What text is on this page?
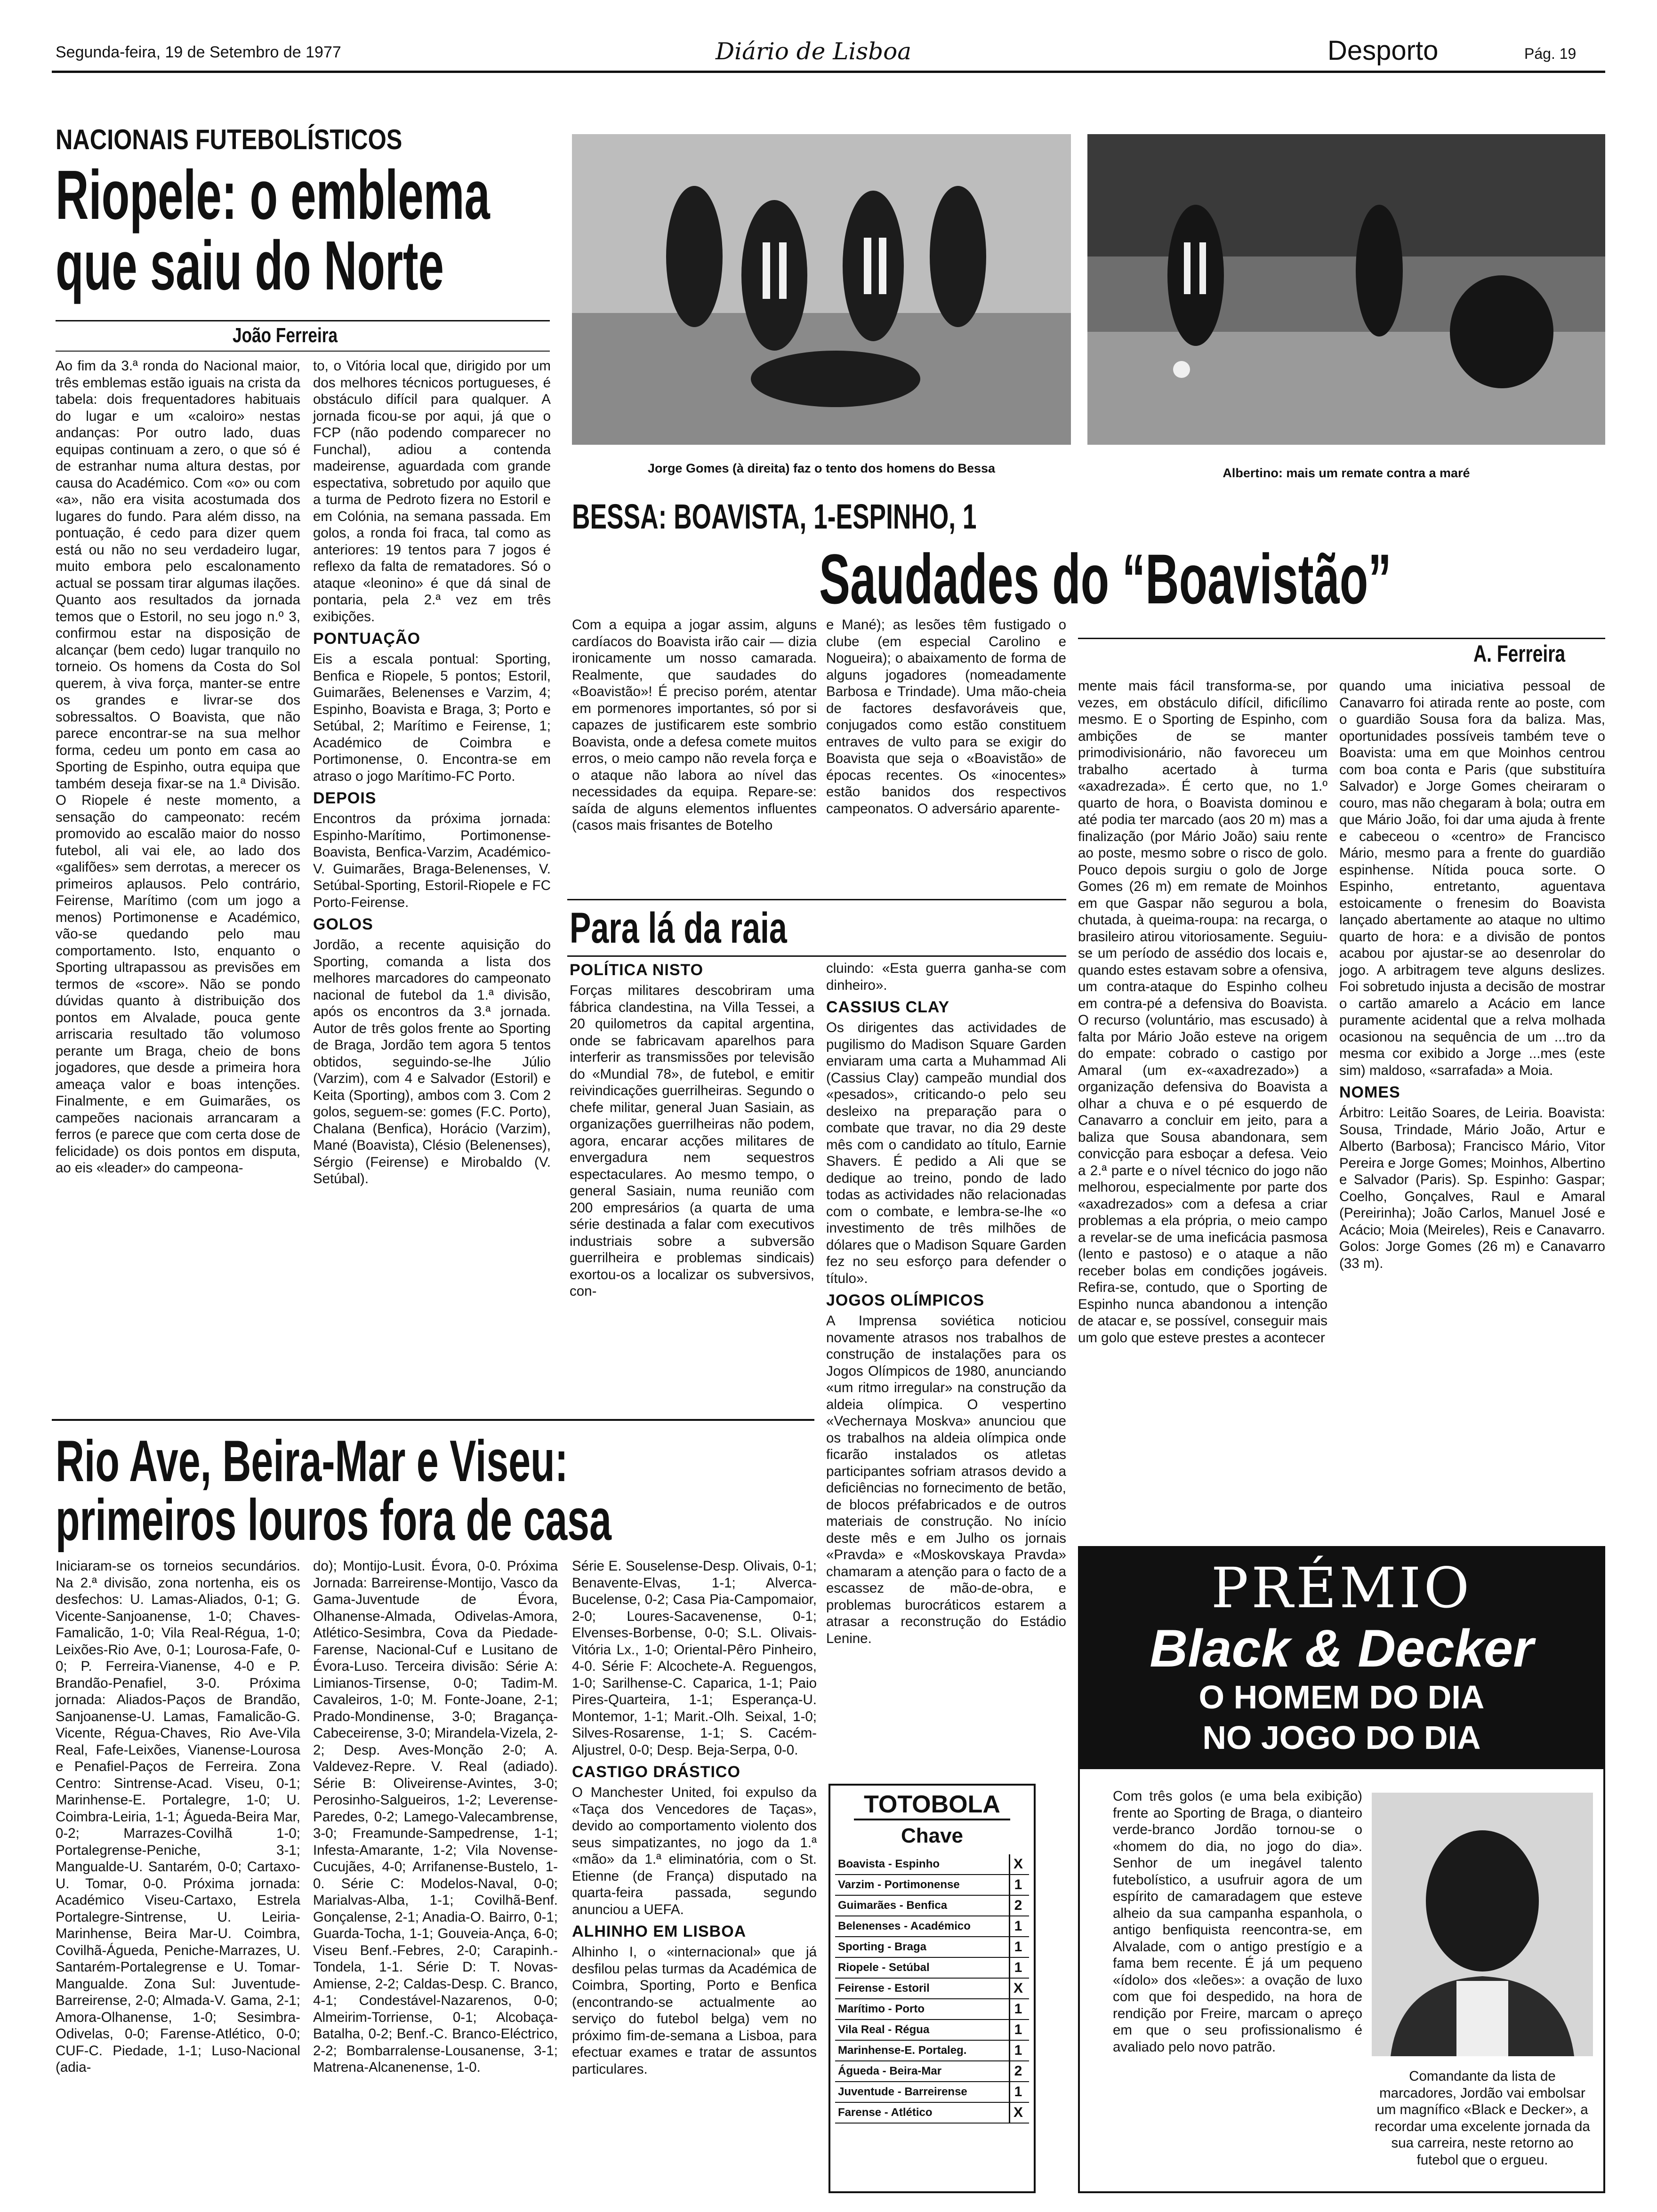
Segunda-feira, 19 de Setembro de 1977	Diário de Lisboa	Desporto	Pág. 19
NACIONAIS FUTEBOLÍSTICOS
Riopele: o emblema
que saiu do Norte
João Ferreira
Ao fim da 3.ª ronda do Nacional maior, três emblemas estão iguais na crista da tabela: dois frequentadores habituais do lugar e um «caloiro» nestas andanças: Por outro lado, duas equipas continuam a zero, o que só é de estranhar numa altura destas, por causa do Académico. Com «o» ou com «a», não era visita acostumada dos lugares do fundo. Para além disso, na pontuação, é cedo para dizer quem está ou não no seu verdadeiro lugar, muito embora pelo escalonamento actual se possam tirar algumas ilações. Quanto aos resultados da jornada temos que o Estoril, no seu jogo n.º 3, confirmou estar na disposição de alcançar (bem cedo) lugar tranquilo no torneio. Os homens da Costa do Sol querem, à viva força, manter-se entre os grandes e livrar-se dos sobressaltos. O Boavista, que não parece encontrar-se na sua melhor forma, cedeu um ponto em casa ao Sporting de Espinho, outra equipa que também deseja fixar-se na 1.ª Divisão. O Riopele é neste momento, a sensação do campeonato: recém promovido ao escalão maior do nosso futebol, ali vai ele, ao lado dos «galifões» sem derrotas, a merecer os primeiros aplausos. Pelo contrário, Feirense, Marítimo (com um jogo a menos) Portimonense e Académico, vão-se quedando pelo mau comportamento. Isto, enquanto o Sporting ultrapassou as previsões em termos de «score». Não se pondo dúvidas quanto à distribuição dos pontos em Alvalade, pouca gente arriscaria resultado tão volumoso perante um Braga, cheio de bons jogadores, que desde a primeira hora ameaça valor e boas intenções. Finalmente, e em Guimarães, os campeões nacionais arrancaram a ferros (e parece que com certa dose de felicidade) os dois pontos em disputa, ao eis «leader» do campeona-
to, o Vitória local que, dirigido por um dos melhores técnicos portugueses, é obstáculo difícil para qualquer. A jornada ficou-se por aqui, já que o FCP (não podendo comparecer no Funchal), adiou a contenda madeirense, aguardada com grande espectativa, sobretudo por aquilo que a turma de Pedroto fizera no Estoril e em Colónia, na semana passada. Em golos, a ronda foi fraca, tal como as anteriores: 19 tentos para 7 jogos é reflexo da falta de rematadores. Só o ataque «leonino» é que dá sinal de pontaria, pela 2.ª vez em três exibições.
PONTUAÇÃO
Eis a escala pontual: Sporting, Benfica e Riopele, 5 pontos; Estoril, Guimarães, Belenenses e Varzim, 4; Espinho, Boavista e Braga, 3; Porto e Setúbal, 2; Marítimo e Feirense, 1; Académico de Coimbra e Portimonense, 0. Encontra-se em atraso o jogo Marítimo-FC Porto.
DEPOIS
Encontros da próxima jornada: Espinho-Marítimo, Portimonense-Boavista, Benfica-Varzim, Académico-V. Guimarães, Braga-Belenenses, V. Setúbal-Sporting, Estoril-Riopele e FC Porto-Feirense.
GOLOS
Jordão, a recente aquisição do Sporting, comanda a lista dos melhores marcadores do campeonato nacional de futebol da 1.ª divisão, após os encontros da 3.ª jornada. Autor de três golos frente ao Sporting de Braga, Jordão tem agora 5 tentos obtidos, seguindo-se-lhe Júlio (Varzim), com 4 e Salvador (Estoril) e Keita (Sporting), ambos com 3. Com 2 golos, seguem-se: gomes (F.C. Porto), Chalana (Benfica), Horácio (Varzim), Mané (Boavista), Clésio (Belenenses), Sérgio (Feirense) e Mirobaldo (V. Setúbal).
Jorge Gomes (à direita) faz o tento dos homens do Bessa	Albertino: mais um remate contra a maré
BESSA: BOAVISTA, 1-ESPINHO, 1
Saudades do “Boavistão”
A. Ferreira
Com a equipa a jogar assim, alguns cardíacos do Boavista irão cair — dizia ironicamente um nosso camarada. Realmente, que saudades do «Boavistão»! É preciso porém, atentar em pormenores importantes, só por si capazes de justificarem este sombrio Boavista, onde a defesa comete muitos erros, o meio campo não revela força e o ataque não labora ao nível das necessidades da equipa. Repare-se: saída de alguns elementos influentes (casos mais frisantes de Botelho
e Mané); as lesões têm fustigado o clube (em especial Carolino e Nogueira); o abaixamento de forma de alguns jogadores (nomeadamente Barbosa e Trindade). Uma mão-cheia de factores desfavoráveis que, conjugados como estão constituem entraves de vulto para se exigir do Boavista que seja o «Boavistão» de épocas recentes. Os «inocentes» estão banidos dos respectivos campeonatos. O adversário aparente-
mente mais fácil transforma-se, por vezes, em obstáculo difícil, dificílimo mesmo. E o Sporting de Espinho, com ambições de se manter primodivisionário, não favoreceu um trabalho acertado à turma «axadrezada». É certo que, no 1.º quarto de hora, o Boavista dominou e até podia ter marcado (aos 20 m) mas a finalização (por Mário João) saiu rente ao poste, mesmo sobre o risco de golo. Pouco depois surgiu o golo de Jorge Gomes (26 m) em remate de Moinhos em que Gaspar não segurou a bola, chutada, à queima-roupa: na recarga, o brasileiro atirou vitoriosamente. Seguiu-se um período de assédio dos locais e, quando estes estavam sobre a ofensiva, um contra-ataque do Espinho colheu em contra-pé a defensiva do Boavista. O recurso (voluntário, mas escusado) à falta por Mário João esteve na origem do empate: cobrado o castigo por Amaral (um ex-«axadrezado») a organização defensiva do Boavista a olhar a chuva e o pé esquerdo de Canavarro a concluir em jeito, para a baliza que Sousa abandonara, sem convicção para esboçar a defesa. Veio a 2.ª parte e o nível técnico do jogo não melhorou, especialmente por parte dos «axadrezados» com a defesa a criar problemas a ela própria, o meio campo a revelar-se de uma ineficácia pasmosa (lento e pastoso) e o ataque a não receber bolas em condições jogáveis. Refira-se, contudo, que o Sporting de Espinho nunca abandonou a intenção de atacar e, se possível, conseguir mais um golo que esteve prestes a acontecer
quando uma iniciativa pessoal de Canavarro foi atirada rente ao poste, com o guardião Sousa fora da baliza. Mas, oportunidades possíveis também teve o Boavista: uma em que Moinhos centrou com boa conta e Paris (que substituíra Salvador) e Jorge Gomes cheiraram o couro, mas não chegaram à bola; outra em que Mário João, foi dar uma ajuda à frente e cabeceou o «centro» de Francisco Mário, mesmo para a frente do guardião espinhense. Nítida pouca sorte. O Espinho, entretanto, aguentava estoicamente o frenesim do Boavista lançado abertamente ao ataque no ultimo quarto de hora: e a divisão de pontos acabou por ajustar-se ao desenrolar do jogo. A arbitragem teve alguns deslizes. Foi sobretudo injusta a decisão de mostrar o cartão amarelo a Acácio em lance puramente acidental que a relva molhada ocasionou na sequência de um ...tro da mesma cor exibido a Jorge ...mes (este sim) maldoso, «sarrafada» a Moia.
NOMES
Árbitro: Leitão Soares, de Leiria. Boavista: Sousa, Trindade, Mário João, Artur e Alberto (Barbosa); Francisco Mário, Vitor Pereira e Jorge Gomes; Moinhos, Albertino e Salvador (Paris). Sp. Espinho: Gaspar; Coelho, Gonçalves, Raul e Amaral (Pereirinha); João Carlos, Manuel José e Acácio; Moia (Meireles), Reis e Canavarro. Golos: Jorge Gomes (26 m) e Canavarro (33 m).
Para lá da raia
POLÍTICA NISTO
Forças militares descobriram uma fábrica clandestina, na Villa Tessei, a 20 quilometros da capital argentina, onde se fabricavam aparelhos para interferir as transmissões por televisão do «Mundial 78», de futebol, e emitir reivindicações guerrilheiras. Segundo o chefe militar, general Juan Sasiain, as organizações guerrilheiras não podem, agora, encarar acções militares de envergadura nem sequestros espectaculares. Ao mesmo tempo, o general Sasiain, numa reunião com 200 empresários (a quarta de uma série destinada a falar com executivos industriais sobre a subversão guerrilheira e problemas sindicais) exortou-os a localizar os subversivos, con-
cluindo: «Esta guerra ganha-se com dinheiro».
CASSIUS CLAY
Os dirigentes das actividades de pugilismo do Madison Square Garden enviaram uma carta a Muhammad Ali (Cassius Clay) campeão mundial dos «pesados», criticando-o pelo seu desleixo na preparação para o combate que travar, no dia 29 deste mês com o candidato ao título, Earnie Shavers. É pedido a Ali que se dedique ao treino, pondo de lado todas as actividades não relacionadas com o combate, e lembra-se-lhe «o investimento de três milhões de dólares que o Madison Square Garden fez no seu esforço para defender o título».
JOGOS OLÍMPICOS
A Imprensa soviética noticiou novamente atrasos nos trabalhos de construção de instalações para os Jogos Olímpicos de 1980, anunciando «um ritmo irregular» na construção da aldeia olímpica. O vespertino «Vechernaya Moskva» anunciou que os trabalhos na aldeia olímpica onde ficarão instalados os atletas participantes sofriam atrasos devido a deficiências no fornecimento de betão, de blocos préfabricados e de outros materiais de construção. No início deste mês e em Julho os jornais «Pravda» e «Moskovskaya Pravda» chamaram a atenção para o facto de a escassez de mão-de-obra, e problemas burocráticos estarem a atrasar a reconstrução do Estádio Lenine.
Rio Ave, Beira-Mar e Viseu:
primeiros louros fora de casa
Iniciaram-se os torneios secundários. Na 2.ª divisão, zona nortenha, eis os desfechos: U. Lamas-Aliados, 0-1; G. Vicente-Sanjoanense, 1-0; Chaves-Famalicão, 1-0; Vila Real-Régua, 1-0; Leixões-Rio Ave, 0-1; Lourosa-Fafe, 0-0; P. Ferreira-Vianense, 4-0 e P. Brandão-Penafiel, 3-0. Próxima jornada: Aliados-Paços de Brandão, Sanjoanense-U. Lamas, Famalicão-G. Vicente, Régua-Chaves, Rio Ave-Vila Real, Fafe-Leixões, Vianense-Lourosa e Penafiel-Paços de Ferreira. Zona Centro: Sintrense-Acad. Viseu, 0-1; Marinhense-E. Portalegre, 1-0; U. Coimbra-Leiria, 1-1; Águeda-Beira Mar, 0-2; Marrazes-Covilhã 1-0; Portalegrense-Peniche, 3-1; Mangualde-U. Santarém, 0-0; Cartaxo-U. Tomar, 0-0. Próxima jornada: Académico Viseu-Cartaxo, Estrela Portalegre-Sintrense, U. Leiria-Marinhense, Beira Mar-U. Coimbra, Covilhã-Águeda, Peniche-Marrazes, U. Santarém-Portalegrense e U. Tomar-Mangualde. Zona Sul: Juventude-Barreirense, 2-0; Almada-V. Gama, 2-1; Amora-Olhanense, 1-0; Sesimbra-Odivelas, 0-0; Farense-Atlético, 0-0; CUF-C. Piedade, 1-1; Luso-Nacional (adia-
do); Montijo-Lusit. Évora, 0-0. Próxima Jornada: Barreirense-Montijo, Vasco da Gama-Juventude de Évora, Olhanense-Almada, Odivelas-Amora, Atlético-Sesimbra, Cova da Piedade-Farense, Nacional-Cuf e Lusitano de Évora-Luso. Terceira divisão: Série A: Limianos-Tirsense, 0-0; Tadim-M. Cavaleiros, 1-0; M. Fonte-Joane, 2-1; Prado-Mondinense, 3-0; Bragança-Cabeceirense, 3-0; Mirandela-Vizela, 2-2; Desp. Aves-Monção 2-0; A. Valdevez-Repre. V. Real (adiado). Série B: Oliveirense-Avintes, 3-0; Perosinho-Salgueiros, 1-2; Leverense-Paredes, 0-2; Lamego-Valecambrense, 3-0; Freamunde-Sampedrense, 1-1; Infesta-Amarante, 1-2; Vila Novense-Cucujães, 4-0; Arrifanense-Bustelo, 1-0. Série C: Modelos-Naval, 0-0; Marialvas-Alba, 1-1; Covilhã-Benf. Gonçalense, 2-1; Anadia-O. Bairro, 0-1; Guarda-Tocha, 1-1; Gouveia-Ança, 6-0; Viseu Benf.-Febres, 2-0; Carapinh.-Tondela, 1-1. Série D: T. Novas-Amiense, 2-2; Caldas-Desp. C. Branco, 4-1; Condestável-Nazarenos, 0-0; Almeirim-Torriense, 0-1; Alcobaça-Batalha, 0-2; Benf.-C. Branco-Eléctrico, 2-2; Bombarralense-Lousanense, 3-1; Matrena-Alcanenense, 1-0.
Série E. Souselense-Desp. Olivais, 0-1; Benavente-Elvas, 1-1; Alverca-Bucelense, 0-2; Casa Pia-Campomaior, 2-0; Loures-Sacavenense, 0-1; Elvenses-Borbense, 0-0; S.L. Olivais-Vitória Lx., 1-0; Oriental-Pêro Pinheiro, 4-0. Série F: Alcochete-A. Reguengos, 1-0; Sarilhense-C. Caparica, 1-1; Paio Pires-Quarteira, 1-1; Esperança-U. Montemor, 1-1; Marit.-Olh. Seixal, 1-0; Silves-Rosarense, 1-1; S. Cacém-Aljustrel, 0-0; Desp. Beja-Serpa, 0-0.
CASTIGO DRÁSTICO
O Manchester United, foi expulso da «Taça dos Vencedores de Taças», devido ao comportamento violento dos seus simpatizantes, no jogo da 1.ª «mão» da 1.ª eliminatória, com o St. Etienne (de França) disputado na quarta-feira passada, segundo anunciou a UEFA.
ALHINHO EM LISBOA
Alhinho I, o «internacional» que já desfilou pelas turmas da Académica de Coimbra, Sporting, Porto e Benfica (encontrando-se actualmente ao serviço do futebol belga) vem no próximo fim-de-semana a Lisboa, para efectuar exames e tratar de assuntos particulares.
TOTOBOLA
Chave
Boavista - Espinho	X
Varzim - Portimonense	1
Guimarães - Benfica	2
Belenenses - Académico	1
Sporting - Braga	1
Riopele - Setúbal	1
Feirense - Estoril	X
Marítimo - Porto	1
Vila Real - Régua	1
Marinhense-E. Portaleg.	1
Águeda - Beira-Mar	2
Juventude - Barreirense	1
Farense - Atlético	X
PRÉMIO
Black & Decker
O HOMEM DO DIA
NO JOGO DO DIA
Com três golos (e uma bela exibição) frente ao Sporting de Braga, o dianteiro verde-branco Jordão tornou-se o «homem do dia, no jogo do dia». Senhor de um inegável talento futebolístico, a usufruir agora de um espírito de camaradagem que esteve alheio da sua campanha espanhola, o antigo benfiquista reencontra-se, em Alvalade, com o antigo prestígio e a fama bem recente. É já um pequeno «ídolo» dos «leões»: a ovação de luxo com que foi despedido, na hora de rendição por Freire, marcam o apreço em que o seu profissionalismo é avaliado pelo novo patrão.
Comandante da lista de marcadores, Jordão vai embolsar um magnífico «Black e Decker», a recordar uma excelente jornada da sua carreira, neste retorno ao futebol que o ergueu.
